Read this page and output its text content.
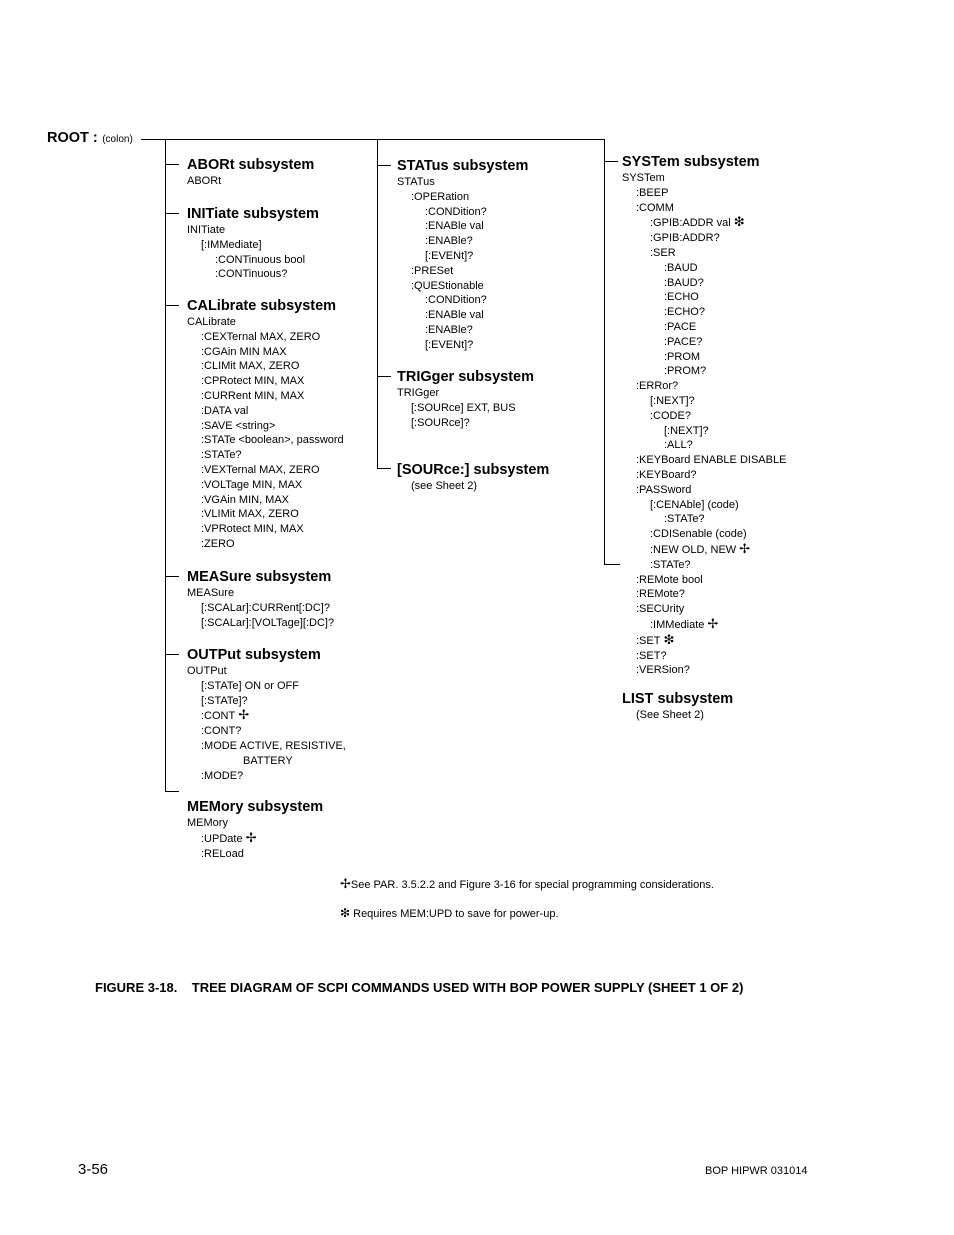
ROOT : (colon)
ABORt subsystem
ABORt
INITiate subsystem
INITiate
[:IMMediate]
:CONTinuous bool
:CONTinuous?
CALibrate subsystem
CALibrate
:CEXTernal MAX, ZERO
:CGAin MIN MAX
:CLIMit MAX, ZERO
:CPRotect MIN, MAX
:CURRent MIN, MAX
:DATA val
:SAVE <string>
:STATe <boolean>, password
:STATe?
:VEXTernal MAX, ZERO
:VOLTage MIN, MAX
:VGAin MIN, MAX
:VLIMit MAX, ZERO
:VPRotect MIN, MAX
:ZERO
MEASure subsystem
MEASure
[:SCALar]:CURRent[:DC]?
[:SCALar]:[VOLTage][:DC]?
OUTPut subsystem
OUTPut
[:STATe] ON or OFF
[:STATe]?
:CONT ✢
:CONT?
:MODE ACTIVE, RESISTIVE,
BATTERY
:MODE?
MEMory subsystem
MEMory
:UPDate ✢
:RELoad
STATus subsystem
STATus
:OPERation
:CONDition?
:ENABle val
:ENABle?
[:EVENt]?
:PRESet
:QUEStionable
:CONDition?
:ENABle val
:ENABle?
[:EVENt]?
TRIGger subsystem
TRIGger
[:SOURce] EXT, BUS
[:SOURce]?
[SOURce:] subsystem
(see Sheet 2)
SYSTem subsystem
SYSTem
:BEEP
:COMM
:GPIB:ADDR val ❇
:GPIB:ADDR?
:SER
:BAUD
:BAUD?
:ECHO
:ECHO?
:PACE
:PACE?
:PROM
:PROM?
:ERRor?
[:NEXT]?
:CODE?
[:NEXT]?
:ALL?
:KEYBoard ENABLE DISABLE
:KEYBoard?
:PASSword
[:CENAble] (code)
:STATe?
:CDISenable (code)
:NEW OLD, NEW ✢
:STATe?
:REMote bool
:REMote?
:SECUrity
:IMMediate ✢
:SET ❇
:SET?
:VERSion?
LIST subsystem
(See Sheet 2)
✢See PAR. 3.5.2.2 and Figure 3-16 for special programming considerations.
❇ Requires MEM:UPD to save for power-up.
FIGURE 3-18.    TREE DIAGRAM OF SCPI COMMANDS USED WITH BOP POWER SUPPLY (SHEET 1 OF 2)
3-56	BOP HIPWR 031014
